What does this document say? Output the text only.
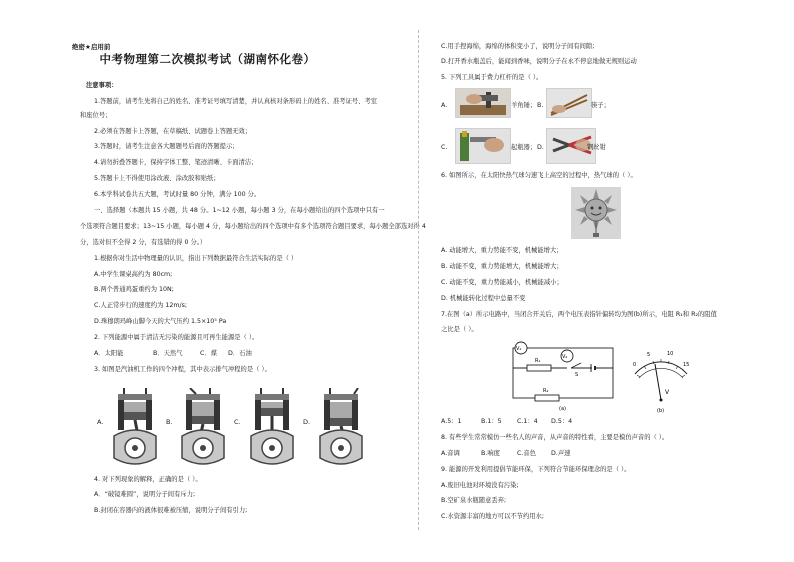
绝密★启用前
中考物理第二次模拟考试（湖南怀化卷）
注意事项：
1.答题前，请考生先将自己的姓名、准考证号填写清楚，并认真核对条形码上的姓名、准考证号、考室
和座位号；
2.必须在答题卡上答题，在草稿纸、试题卷上答题无效；
3.答题时，请考生注意各大题题号后面的答题提示；
4.请勿折叠答题卡，保持字体工整、笔迹清晰、卡面清洁；
5.答题卡上不得使用涂改液、涂改胶和贴纸；
6.本学科试卷共五大题，考试时量 80 分钟，满分 100 分。
一、选择题（本题共 15 小题，共 48 分。1~12 小题，每小题 3 分，在每小题给出的四个选项中只有一
个选项符合题目要求；13~15 小题，每小题 4 分，每小题给出的四个选项中有多个选项符合题目要求，每小题全部选对得 4
分，选对但不全得 2 分，有选错的得 0 分。）
1.根据你对生活中物理量的认识，指出下列数据最符合生活实际的是（ ）
A.中学生课桌高约为 80cm;
B.两个普通鸡蛋重约为 10N;
C.人正常步行的速度约为 12m/s;
D.珠穆朗玛峰山脚今天的大气压约 1.5×10⁵ Pa
2. 下列能源中属于清洁无污染的能源且可再生能源是（ ）。
A．太阳能	B．天然气	C．煤 D．石油
3. 如图是汽油机工作的四个冲程，其中表示排气冲程的是（ ）。
A.	B.	C.	D.
4. 对下列现象的解释，正确的是（ ）。
A．“破镜难圆”，说明分子间有斥力;
B.封闭在容器内的液体很难被压缩，说明分子间有引力;
C.用手捏海绵，海绵的体积变小了，说明分子间有间隙;
D.打开香水瓶盖后，能闻到香味，说明分子在永不停息地做无规则运动
5. 下列工具属于费力杠杆的是（ ）。
A.	羊角锤； B.	筷子；
C.	起瓶器； D.	钢丝钳
6. 如图所示，在太阳快热气球匀速飞上高空的过程中，热气球的（ ）。
A. 动能增大，重力势能不变，机械能增大；
B. 动能不变，重力势能增大，机械能增大；
C. 动能不变，重力势能减小，机械能减小；
D. 机械能转化过程中总量不变
7.在图（a）所示电路中，当闭合开关后，两个电压表指针偏转均为图(b)所示，电阻 R₁和 R₂的阻值
之比是（ ）。
V₁
V₂
R₁
R₂
S
(a)
0
5	10
15
V
(b)
A.5：1	B.1：5 C.1：4 D.5：4
8. 有些学生常常模仿一些名人的声音，从声音的特性看，主要是模仿声音的（ ）。
A.音调	B.响度	C.音色 D.声速
9. 能源的开发利用提倡节能环保，下列符合节能环保理念的是（ ）。
A.废旧电池对环境没有污染;
B.空矿泉水瓶随意丢弃;
C.水资源丰富的地方可以不节约用水;
